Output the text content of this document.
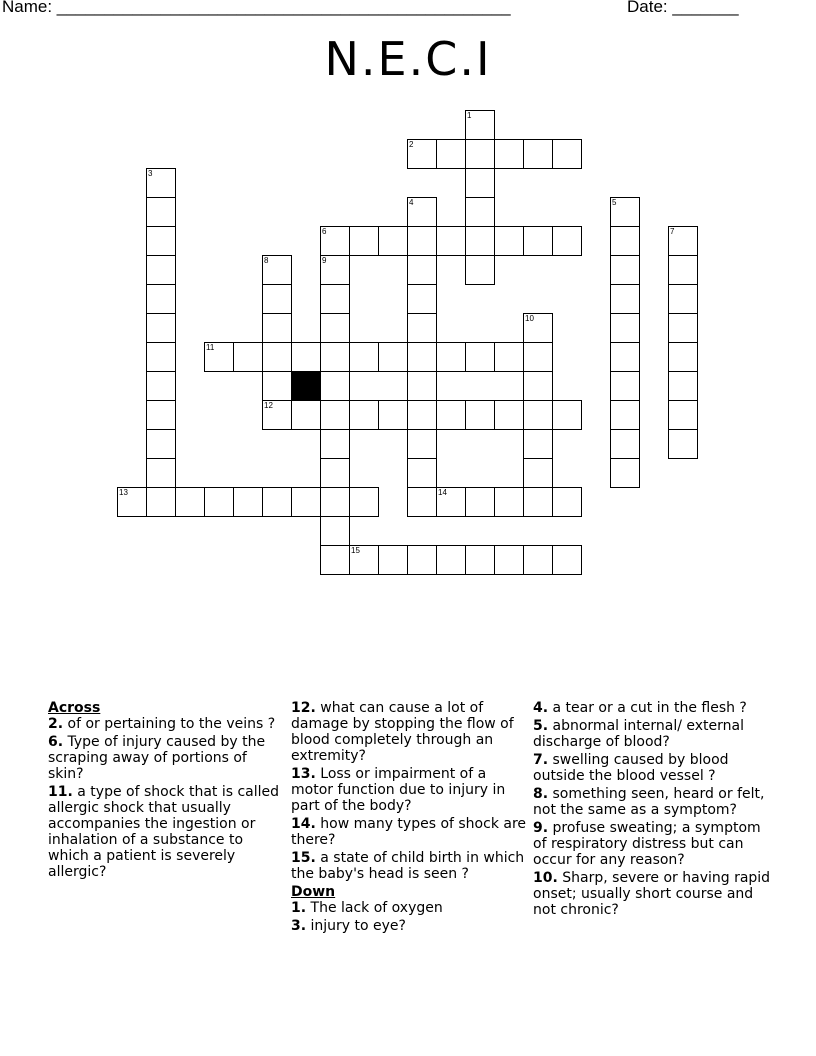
Name: ________________________________________________	Date: _______
N.E.C.I
2
6
11
12
13	14
15
1
3
4	5
7
8	9
10
Across
2. of or pertaining to the veins ?
6. Type of injury caused by the scraping away of portions of skin?
11. a type of shock that is called allergic shock that usually accompanies the ingestion or inhalation of a substance to which a patient is severely allergic?
12. what can cause a lot of damage by stopping the flow of blood completely through an extremity?
13. Loss or impairment of a motor function due to injury in part of the body?
14. how many types of shock are there?
15. a state of child birth in which the baby's head is seen ?
Down
1. The lack of oxygen
3. injury to eye?
4. a tear or a cut in the flesh ?
5. abnormal internal/ external discharge of blood?
7. swelling caused by blood outside the blood vessel ?
8. something seen, heard or felt, not the same as a symptom?
9. profuse sweating; a symptom of respiratory distress but can occur for any reason?
10. Sharp, severe or having rapid onset; usually short course and not chronic?
